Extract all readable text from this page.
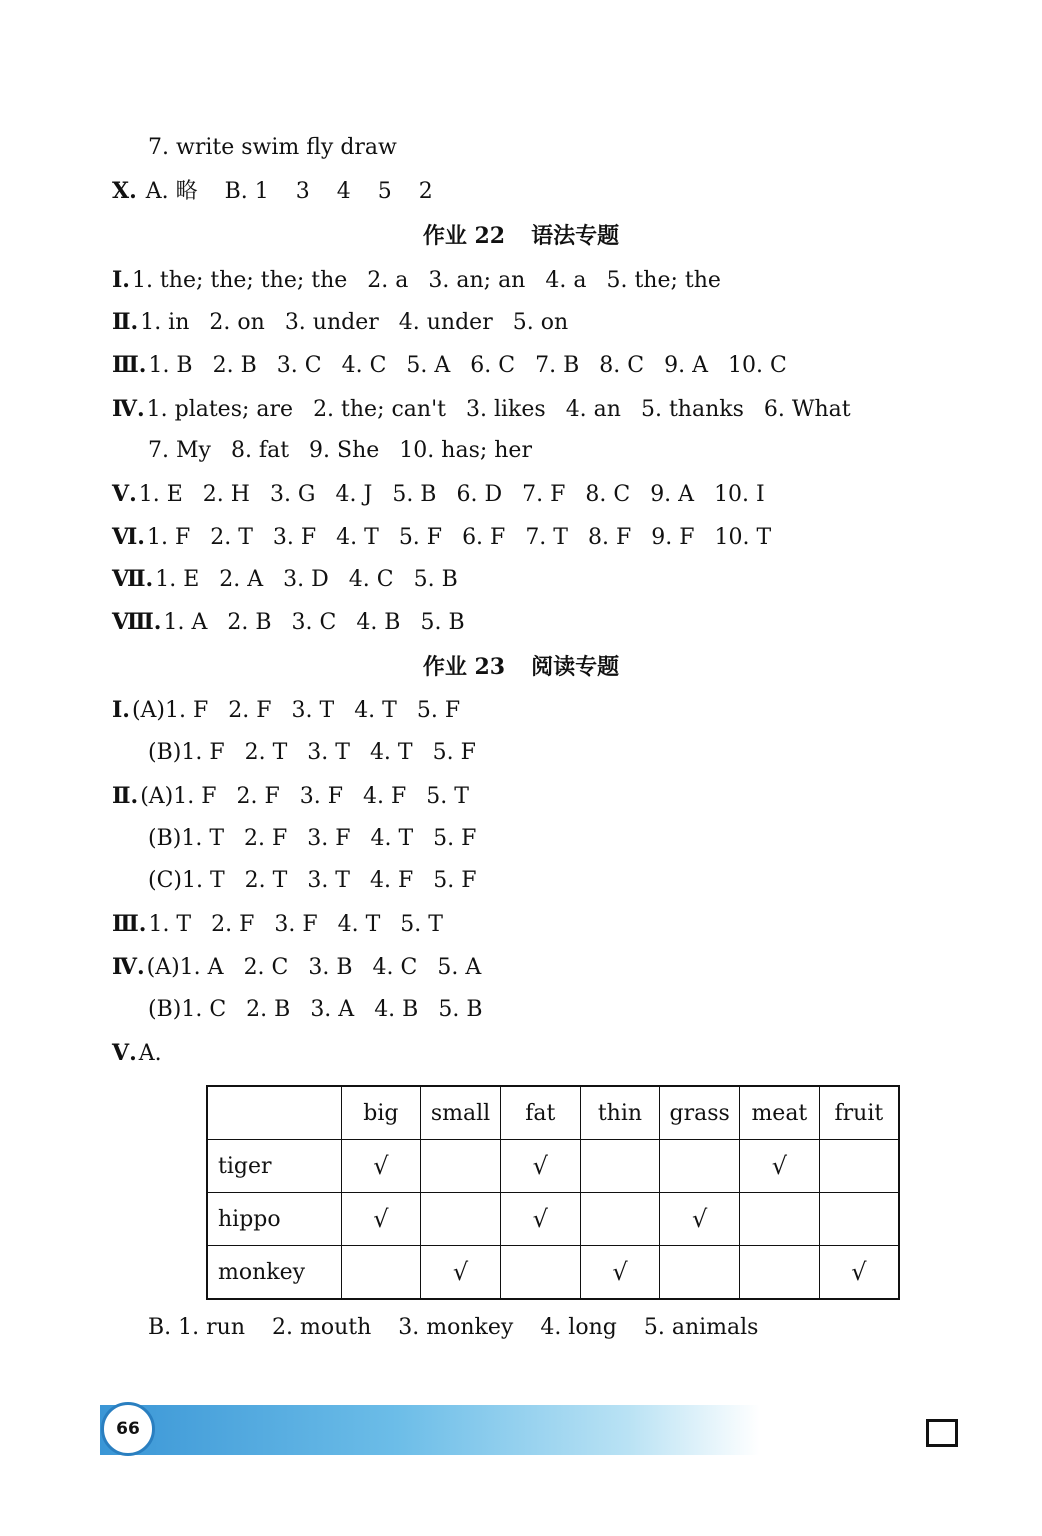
7. write swim fly draw
Ⅹ. A. 略 B. 1 3 4 5 2
作业 22 语法专题
Ⅰ.1. the; the; the; the 2. a 3. an; an 4. a 5. the; the
Ⅱ.1. in 2. on 3. under 4. under 5. on
Ⅲ.1. B 2. B 3. C 4. C 5. A 6. C 7. B 8. C 9. A 10. C
Ⅳ.1. plates; are 2. the; can't 3. likes 4. an 5. thanks 6. What
7. My 8. fat 9. She 10. has; her
Ⅴ.1. E 2. H 3. G 4. J 5. B 6. D 7. F 8. C 9. A 10. I
Ⅵ.1. F 2. T 3. F 4. T 5. F 6. F 7. T 8. F 9. F 10. T
Ⅶ.1. E 2. A 3. D 4. C 5. B
Ⅷ.1. A 2. B 3. C 4. B 5. B
作业 23 阅读专题
Ⅰ.(A)1. F 2. F 3. T 4. T 5. F
(B)1. F 2. T 3. T 4. T 5. F
Ⅱ.(A)1. F 2. F 3. F 4. F 5. T
(B)1. T 2. F 3. F 4. T 5. F
(C)1. T 2. T 3. T 4. F 5. F
Ⅲ.1. T 2. F 3. F 4. T 5. T
Ⅳ.(A)1. A 2. C 3. B 4. C 5. A
(B)1. C 2. B 3. A 4. B 5. B
Ⅴ.A.
	big	small	fat	thin	grass	meat	fruit
tiger	√		√			√	
hippo	√		√		√		
monkey		√		√			√
B. 1. run 2. mouth 3. monkey 4. long 5. animals
66
